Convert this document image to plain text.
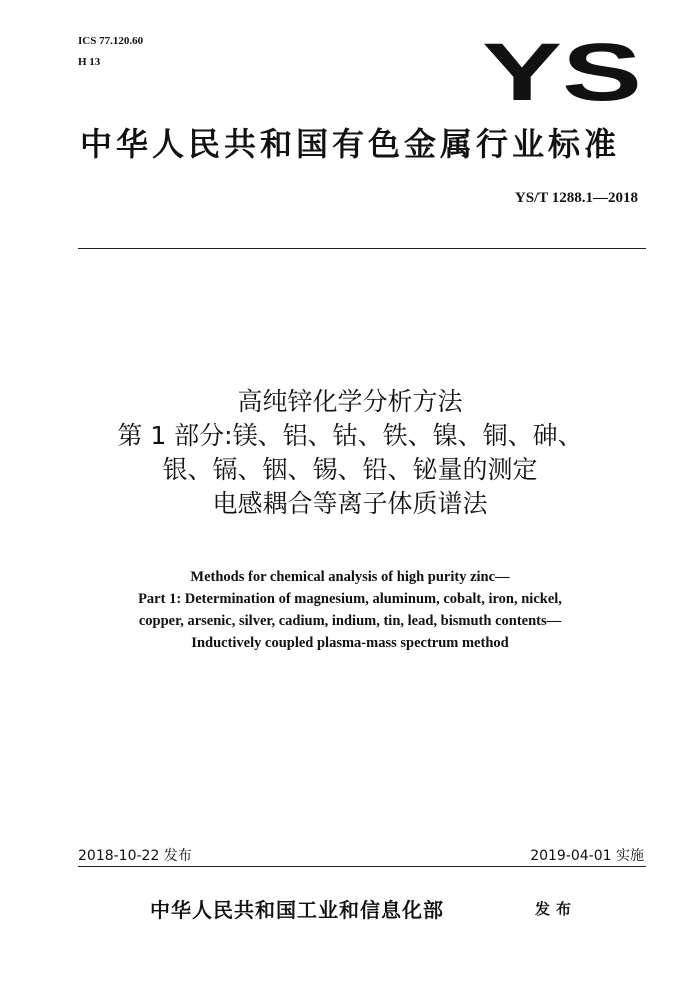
ICS 77.120.60
H 13	YS
中华人民共和国有色金属行业标准
YS/T 1288.1—2018
高纯锌化学分析方法
第 1 部分:镁、铝、钴、铁、镍、铜、砷、
银、镉、铟、锡、铅、铋量的测定
电感耦合等离子体质谱法
Methods for chemical analysis of high purity zinc—
Part 1: Determination of magnesium, aluminum, cobalt, iron, nickel,
copper, arsenic, silver, cadium, indium, tin, lead, bismuth contents—
Inductively coupled plasma-mass spectrum method
2018-10-22 发布	2019-04-01 实施
中华人民共和国工业和信息化部	发布
